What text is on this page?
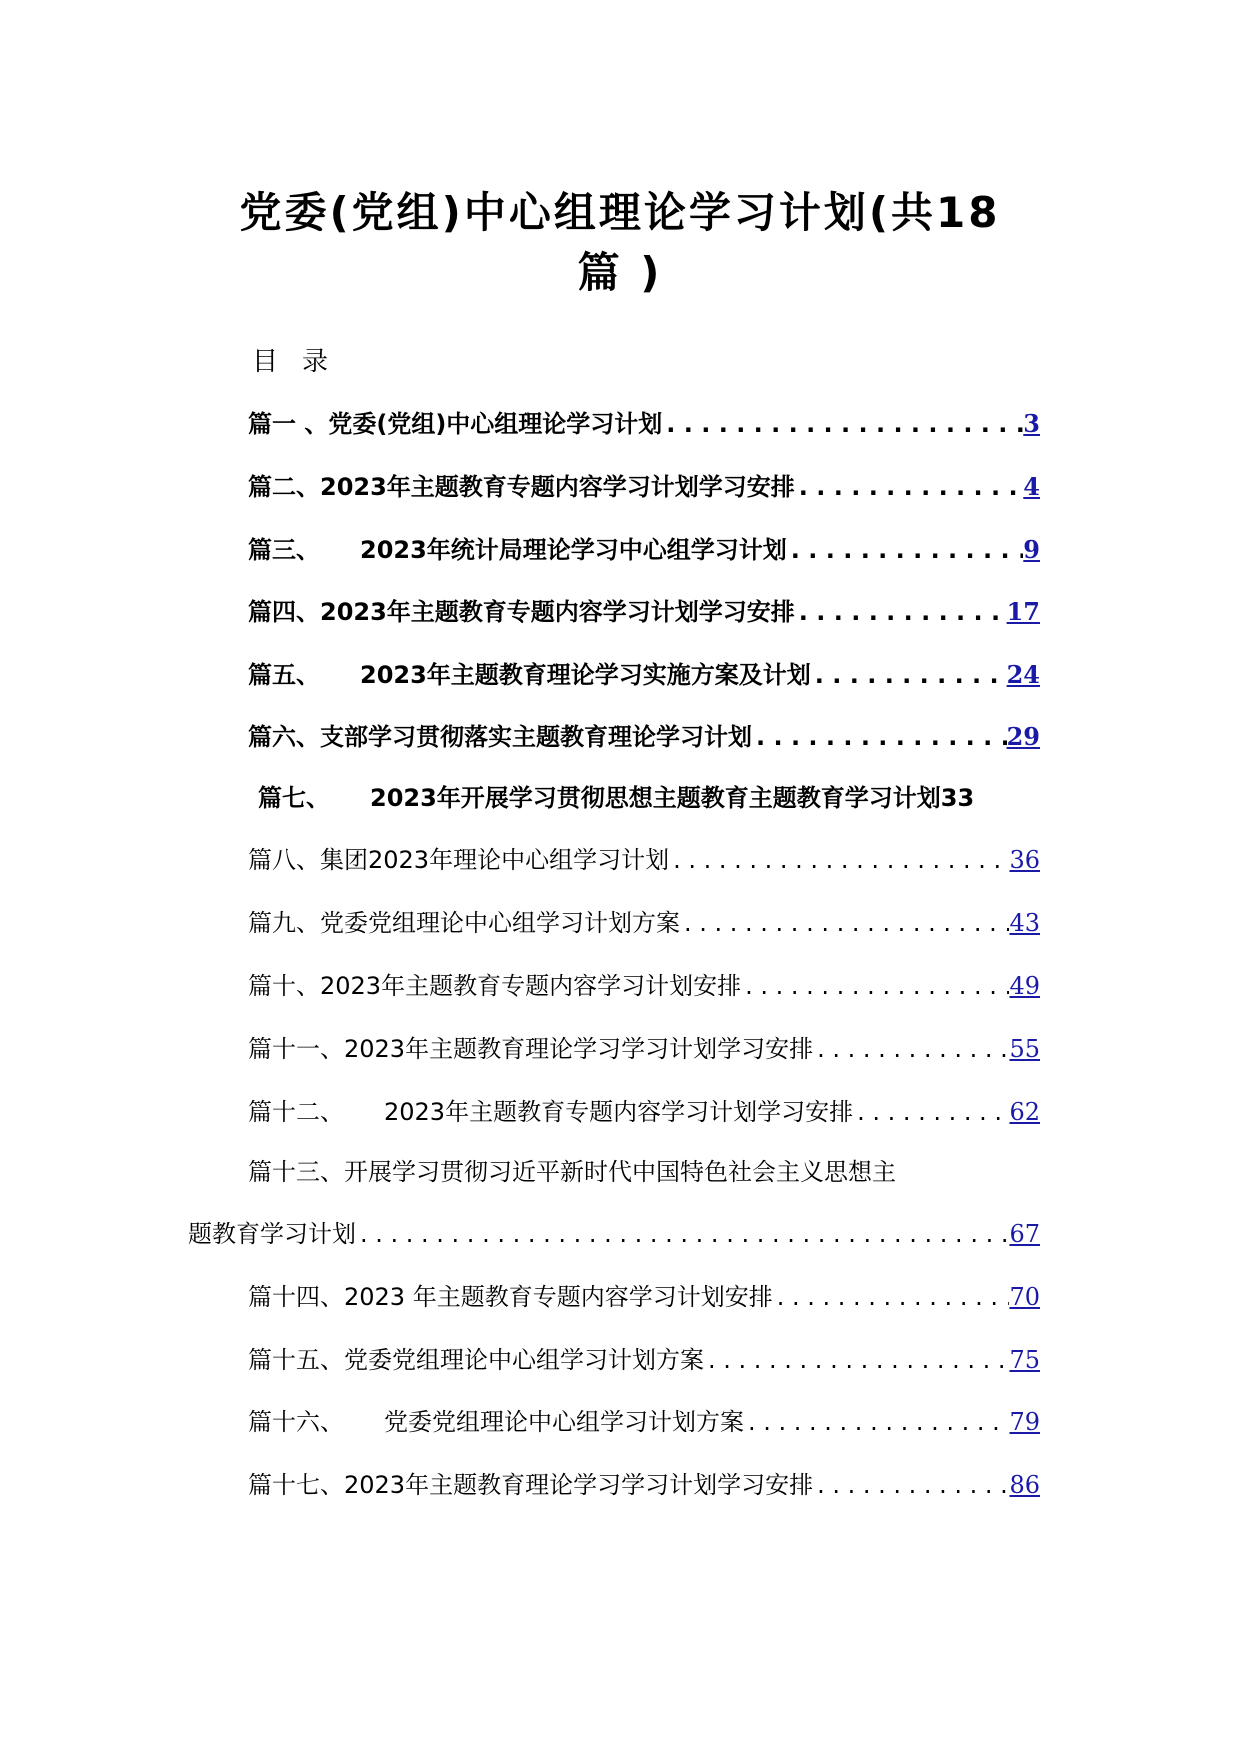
党委(党组)中心组理论学习计划(共18
篇 )
目 录
篇一 、党委(党组)中心组理论学习计划 . . .	3
篇二、2023年主题教育专题内容学习计划学习安排 . . .	4
篇三、 2023年统计局理论学习中心组学习计划 . . .	9
篇四、2023年主题教育专题内容学习计划学习安排 . . .	17
篇五、 2023年主题教育理论学习实施方案及计划 . . .	24
篇六、支部学习贯彻落实主题教育理论学习计划 . . .	29
篇七、 2023年开展学习贯彻思想主题教育主题教育学习计划 33
篇八、集团2023年理论中心组学习计划 . . .	36
篇九、党委党组理论中心组学习计划方案 . . .	43
篇十、2023年主题教育专题内容学习计划安排 . . .	49
篇十一、2023年主题教育理论学习学习计划学习安排 . . .	55
篇十二、 2023年主题教育专题内容学习计划学习安排 . . .	62
篇十三、开展学习贯彻习近平新时代中国特色社会主义思想主
题教育学习计划 . . .	67
篇十四、2023 年主题教育专题内容学习计划安排 . . .	70
篇十五、党委党组理论中心组学习计划方案 . . .	75
篇十六、 党委党组理论中心组学习计划方案 . . .	79
篇十七、2023年主题教育理论学习学习计划学习安排 . . .	86
